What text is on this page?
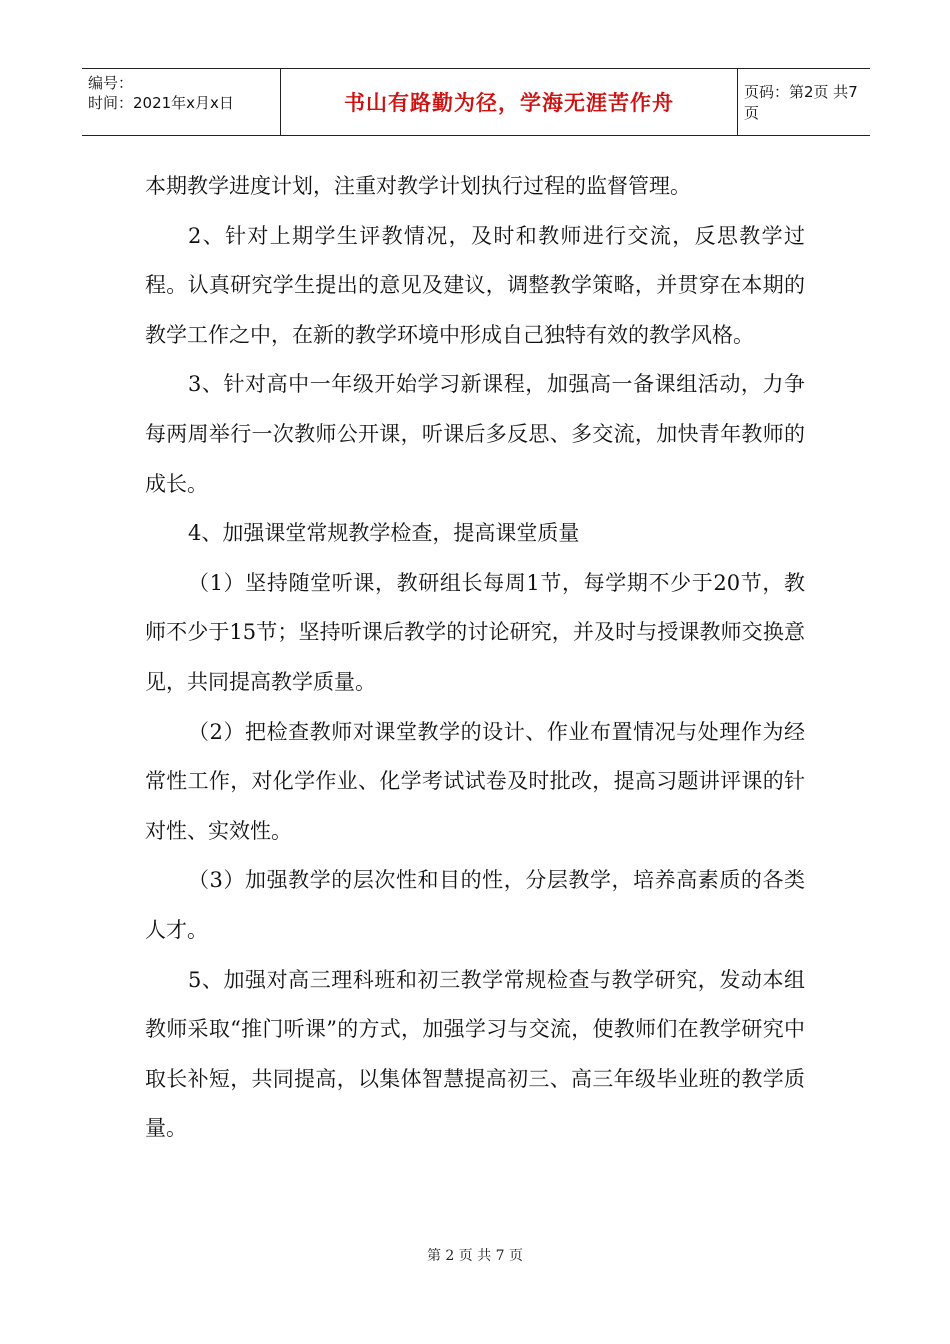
编号：
时间：2021年x月x日	书山有路勤为径，学海无涯苦作舟	页码：第2页 共7页

本期教学进度计划，注重对教学计划执行过程的监督管理。

2、针对上期学生评教情况，及时和教师进行交流，反思教学过程。认真研究学生提出的意见及建议，调整教学策略，并贯穿在本期的教学工作之中，在新的教学环境中形成自己独特有效的教学风格。

3、针对高中一年级开始学习新课程，加强高一备课组活动，力争每两周举行一次教师公开课，听课后多反思、多交流，加快青年教师的成长。

4、加强课堂常规教学检查，提高课堂质量

（1）坚持随堂听课，教研组长每周1节，每学期不少于20节，教师不少于15节；坚持听课后教学的讨论研究，并及时与授课教师交换意见，共同提高教学质量。

（2）把检查教师对课堂教学的设计、作业布置情况与处理作为经常性工作，对化学作业、化学考试试卷及时批改，提高习题讲评课的针对性、实效性。

（3）加强教学的层次性和目的性，分层教学，培养高素质的各类人才。

5、加强对高三理科班和初三教学常规检查与教学研究，发动本组教师采取“推门听课”的方式，加强学习与交流，使教师们在教学研究中取长补短，共同提高，以集体智慧提高初三、高三年级毕业班的教学质量。

第 2 页 共 7 页
